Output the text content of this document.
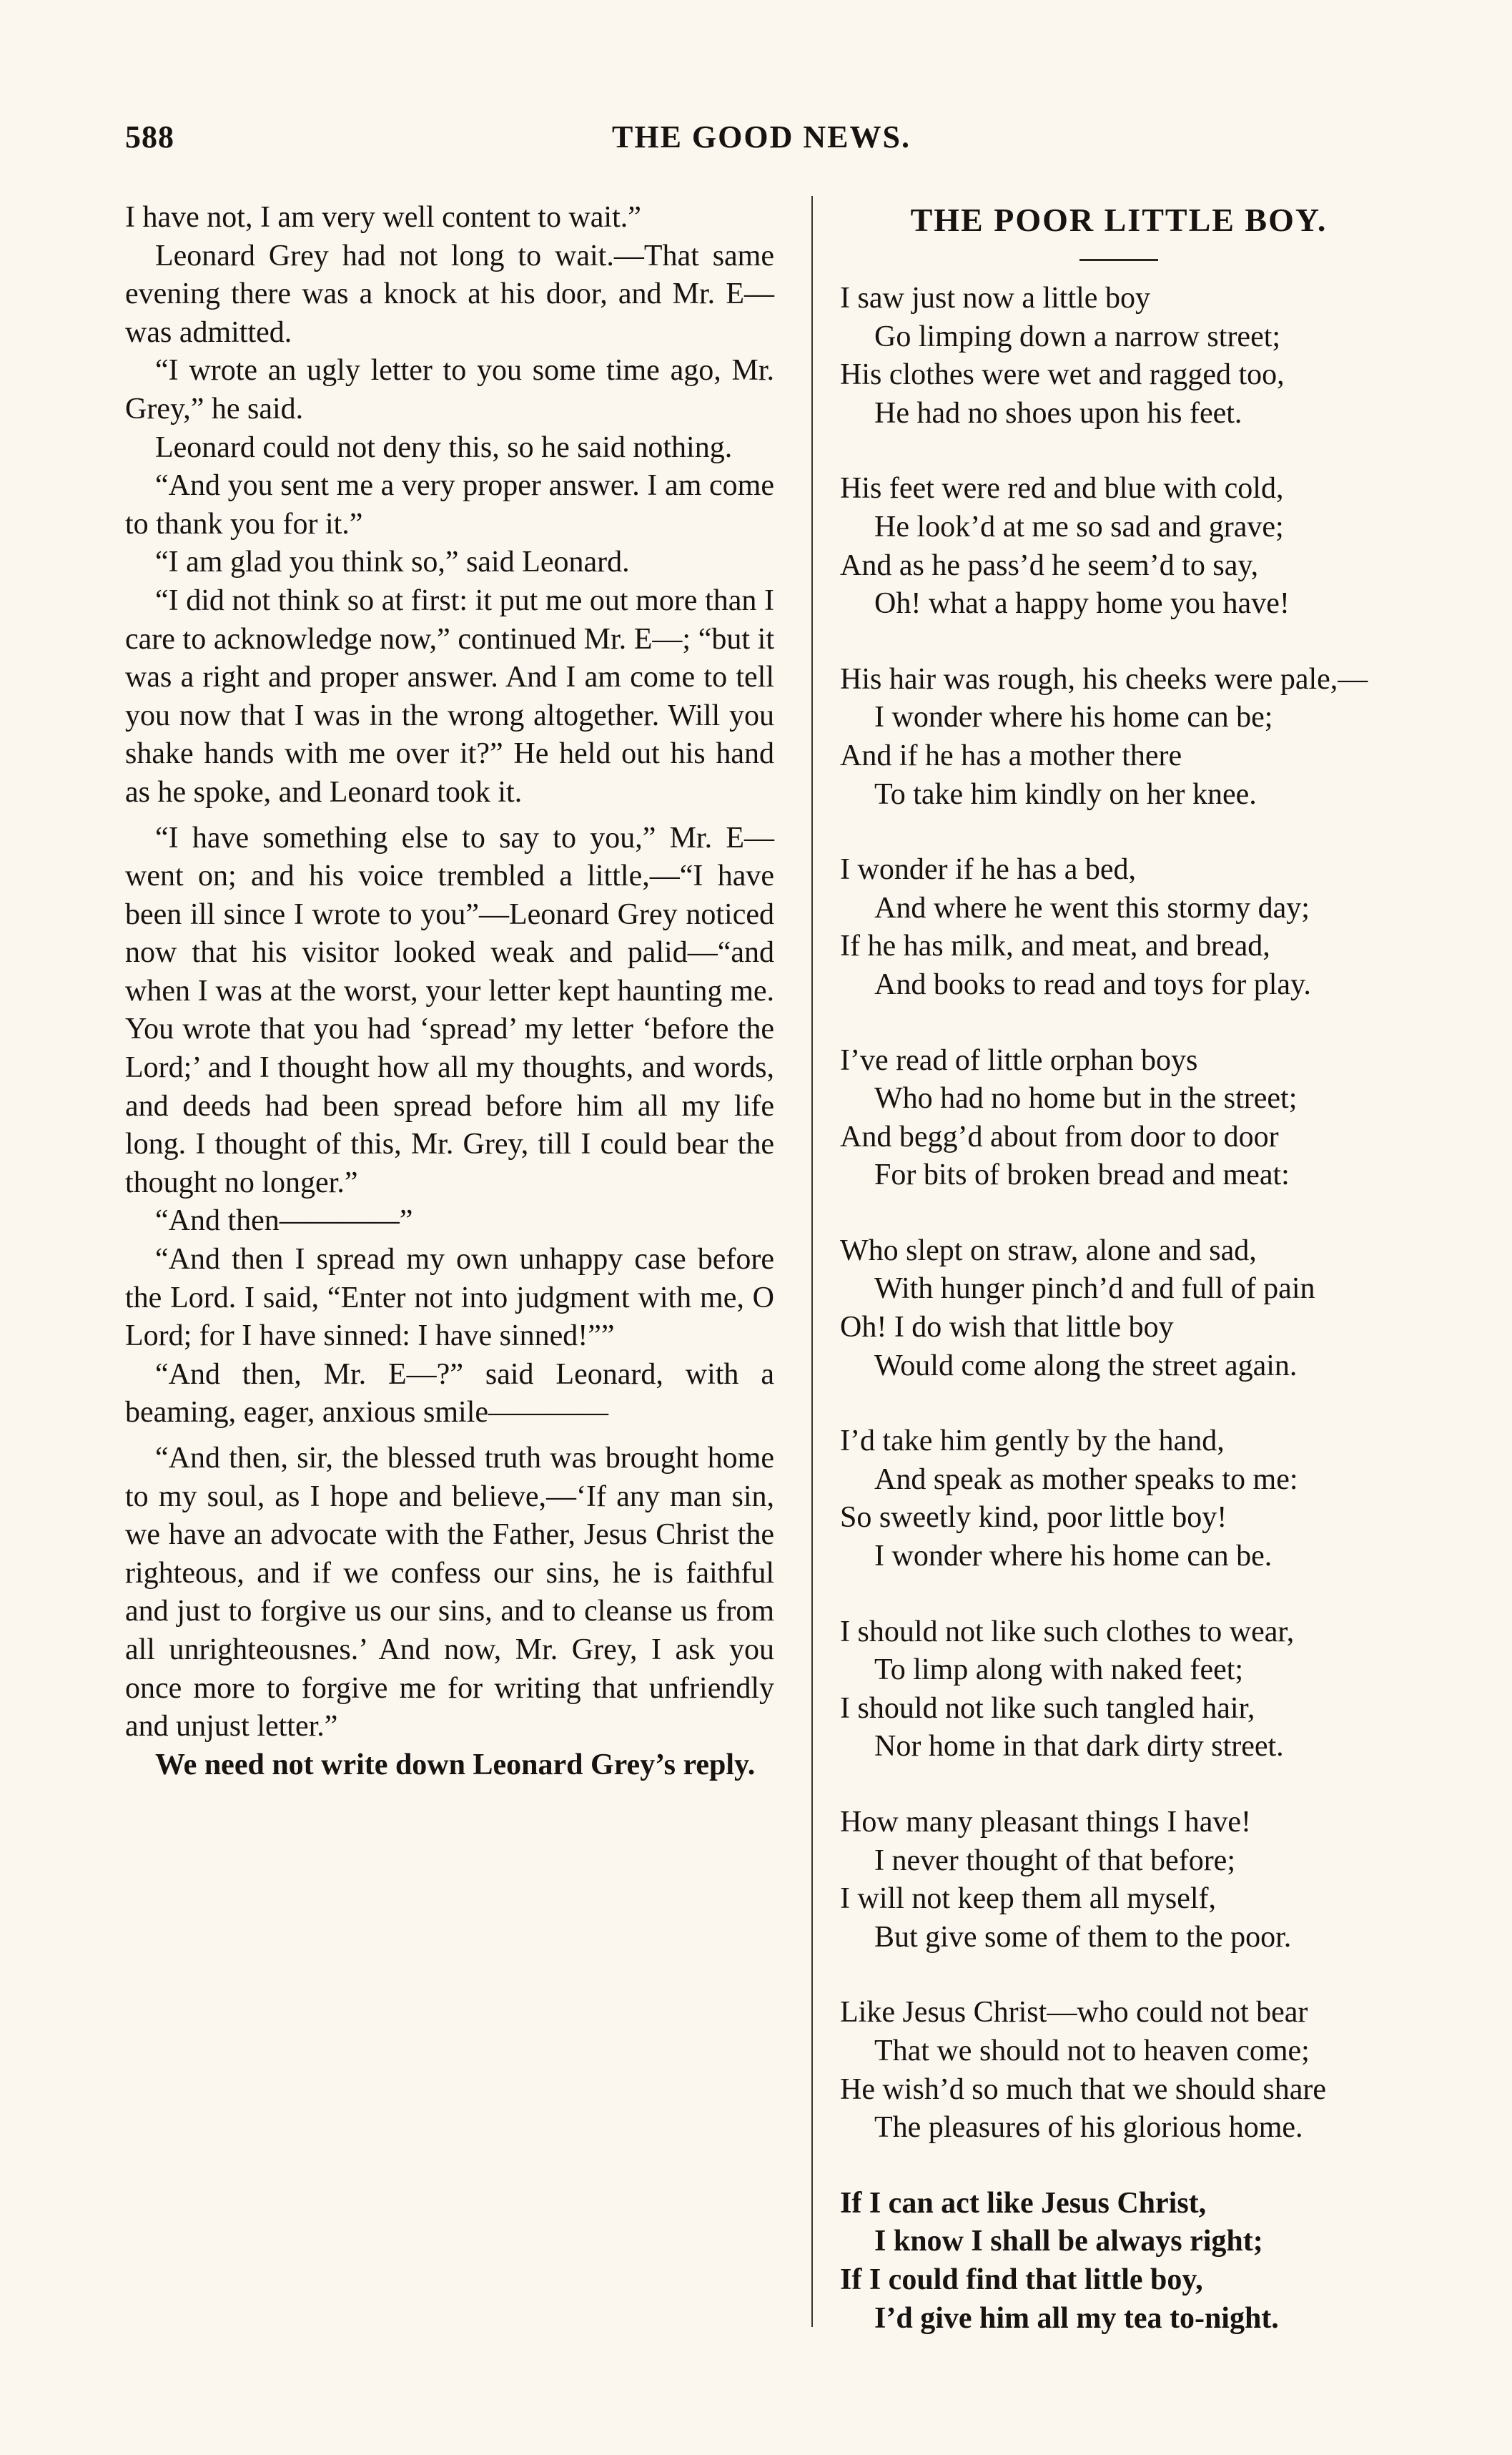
588	THE GOOD NEWS.

I have not, I am very well content to wait.”

Leonard Grey had not long to wait.—That same evening there was a knock at his door, and Mr. E— was admitted.

“I wrote an ugly letter to you some time ago, Mr. Grey,” he said.

Leonard could not deny this, so he said nothing.

“And you sent me a very proper answer. I am come to thank you for it.”

“I am glad you think so,” said Leonard.

“I did not think so at first: it put me out more than I care to acknowledge now,” continued Mr. E—; “but it was a right and proper answer. And I am come to tell you now that I was in the wrong altogether. Will you shake hands with me over it?” He held out his hand as he spoke, and Leonard took it.

“I have something else to say to you,” Mr. E— went on; and his voice trembled a little,—“I have been ill since I wrote to you”—Leonard Grey noticed now that his visitor looked weak and palid—“and when I was at the worst, your letter kept haunting me. You wrote that you had ‘spread’ my letter ‘before the Lord;’ and I thought how all my thoughts, and words, and deeds had been spread before him all my life long. I thought of this, Mr. Grey, till I could bear the thought no longer.”

“And then————”

“And then I spread my own unhappy case before the Lord. I said, “Enter not into judgment with me, O Lord; for I have sinned: I have sinned!””

“And then, Mr. E—?” said Leonard, with a beaming, eager, anxious smile————

“And then, sir, the blessed truth was brought home to my soul, as I hope and believe,—‘If any man sin, we have an advocate with the Father, Jesus Christ the righteous, and if we confess our sins, he is faithful and just to forgive us our sins, and to cleanse us from all unrighteousnes.’ And now, Mr. Grey, I ask you once more to forgive me for writing that unfriendly and unjust letter.”

We need not write down Leonard Grey’s reply.

THE POOR LITTLE BOY.
I saw just now a little boy
Go limping down a narrow street;
His clothes were wet and ragged too,
He had no shoes upon his feet.
His feet were red and blue with cold,
He look’d at me so sad and grave;
And as he pass’d he seem’d to say,
Oh! what a happy home you have!
His hair was rough, his cheeks were pale,—
I wonder where his home can be;
And if he has a mother there
To take him kindly on her knee.
I wonder if he has a bed,
And where he went this stormy day;
If he has milk, and meat, and bread,
And books to read and toys for play.
I’ve read of little orphan boys
Who had no home but in the street;
And begg’d about from door to door
For bits of broken bread and meat:
Who slept on straw, alone and sad,
With hunger pinch’d and full of pain
Oh! I do wish that little boy
Would come along the street again.
I’d take him gently by the hand,
And speak as mother speaks to me:
So sweetly kind, poor little boy!
I wonder where his home can be.
I should not like such clothes to wear,
To limp along with naked feet;
I should not like such tangled hair,
Nor home in that dark dirty street.
How many pleasant things I have!
I never thought of that before;
I will not keep them all myself,
But give some of them to the poor.
Like Jesus Christ—who could not bear
That we should not to heaven come;
He wish’d so much that we should share
The pleasures of his glorious home.
If I can act like Jesus Christ,
I know I shall be always right;
If I could find that little boy,
I’d give him all my tea to-night.
